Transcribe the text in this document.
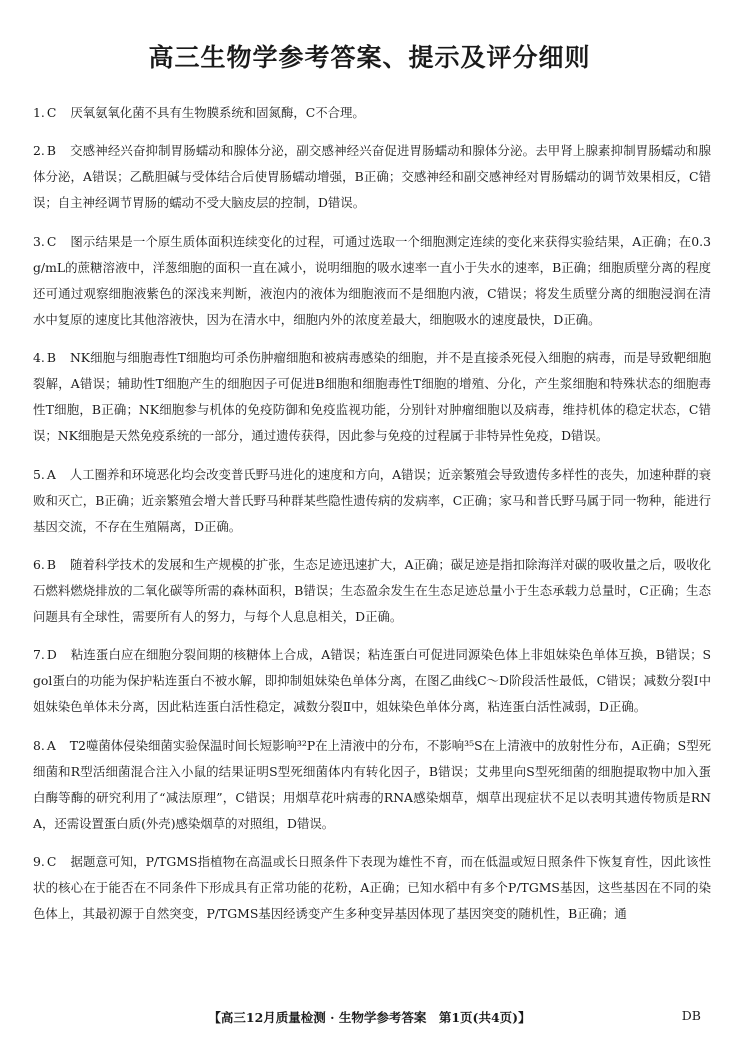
高三生物学参考答案、提示及评分细则

1. C 厌氧氨氧化菌不具有生物膜系统和固氮酶，C不合理。

2. B 交感神经兴奋抑制胃肠蠕动和腺体分泌，副交感神经兴奋促进胃肠蠕动和腺体分泌。去甲肾上腺素抑制胃肠蠕动和腺体分泌，A错误；乙酰胆碱与受体结合后使胃肠蠕动增强，B正确；交感神经和副交感神经对胃肠蠕动的调节效果相反，C错误；自主神经调节胃肠的蠕动不受大脑皮层的控制，D错误。

3. C 图示结果是一个原生质体面积连续变化的过程，可通过选取一个细胞测定连续的变化来获得实验结果，A正确；在0.3 g/mL的蔗糖溶液中，洋葱细胞的面积一直在减小，说明细胞的吸水速率一直小于失水的速率，B正确；细胞质壁分离的程度还可通过观察细胞液紫色的深浅来判断，液泡内的液体为细胞液而不是细胞内液，C错误；将发生质壁分离的细胞浸润在清水中复原的速度比其他溶液快，因为在清水中，细胞内外的浓度差最大，细胞吸水的速度最快，D正确。

4. B NK细胞与细胞毒性T细胞均可杀伤肿瘤细胞和被病毒感染的细胞，并不是直接杀死侵入细胞的病毒，而是导致靶细胞裂解，A错误；辅助性T细胞产生的细胞因子可促进B细胞和细胞毒性T细胞的增殖、分化，产生浆细胞和特殊状态的细胞毒性T细胞，B正确；NK细胞参与机体的免疫防御和免疫监视功能，分别针对肿瘤细胞以及病毒，维持机体的稳定状态，C错误；NK细胞是天然免疫系统的一部分，通过遗传获得，因此参与免疫的过程属于非特异性免疫，D错误。

5. A 人工圈养和环境恶化均会改变普氏野马进化的速度和方向，A错误；近亲繁殖会导致遗传多样性的丧失，加速种群的衰败和灭亡，B正确；近亲繁殖会增大普氏野马种群某些隐性遗传病的发病率，C正确；家马和普氏野马属于同一物种，能进行基因交流，不存在生殖隔离，D正确。

6. B 随着科学技术的发展和生产规模的扩张，生态足迹迅速扩大，A正确；碳足迹是指扣除海洋对碳的吸收量之后，吸收化石燃料燃烧排放的二氧化碳等所需的森林面积，B错误；生态盈余发生在生态足迹总量小于生态承载力总量时，C正确；生态问题具有全球性，需要所有人的努力，与每个人息息相关，D正确。

7. D 粘连蛋白应在细胞分裂间期的核糖体上合成，A错误；粘连蛋白可促进同源染色体上非姐妹染色单体互换，B错误；Sgol蛋白的功能为保护粘连蛋白不被水解，即抑制姐妹染色单体分离，在图乙曲线C～D阶段活性最低，C错误；减数分裂Ⅰ中姐妹染色单体未分离，因此粘连蛋白活性稳定，减数分裂Ⅱ中，姐妹染色单体分离，粘连蛋白活性减弱，D正确。

8. A T2噬菌体侵染细菌实验保温时间长短影响³²P在上清液中的分布，不影响³⁵S在上清液中的放射性分布，A正确；S型死细菌和R型活细菌混合注入小鼠的结果证明S型死细菌体内有转化因子，B错误；艾弗里向S型死细菌的细胞提取物中加入蛋白酶等酶的研究利用了“减法原理”，C错误；用烟草花叶病毒的RNA感染烟草，烟草出现症状不足以表明其遗传物质是RNA，还需设置蛋白质(外壳)感染烟草的对照组，D错误。

9. C 据题意可知，P/TGMS指植物在高温或长日照条件下表现为雄性不育，而在低温或短日照条件下恢复育性，因此该性状的核心在于能否在不同条件下形成具有正常功能的花粉，A正确；已知水稻中有多个P/TGMS基因，这些基因在不同的染色体上，其最初源于自然突变，P/TGMS基因经诱变产生多种变异基因体现了基因突变的随机性，B正确；通

【高三12月质量检测 · 生物学参考答案　第1页(共4页)】	DB
